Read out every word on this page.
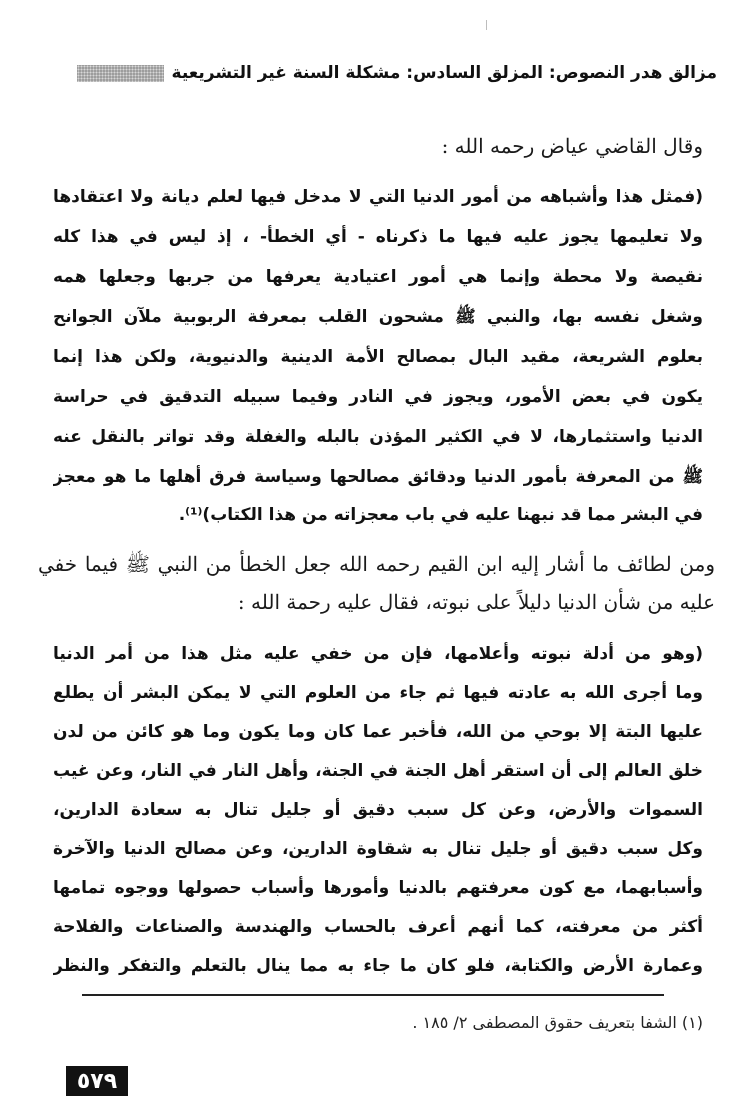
مزالق هدر النصوص: المزلق السادس: مشكلة السنة غير التشريعية
وقال القاضي عياض رحمه الله :
(فمثل هذا وأشباهه من أمور الدنيا التي لا مدخل فيها لعلم ديانة ولا اعتقادها
ولا تعليمها يجوز عليه فيها ما ذكرناه - أي الخطأ- ، إذ ليس في هذا كله
نقيصة ولا محطة وإنما هي أمور اعتيادية يعرفها من جربها وجعلها همه
وشغل نفسه بها، والنبي ﷺ مشحون القلب بمعرفة الربوبية ملآن الجوانح
بعلوم الشريعة، مقيد البال بمصالح الأمة الدينية والدنيوية، ولكن هذا إنما
يكون في بعض الأمور، ويجوز في النادر وفيما سبيله التدقيق في حراسة
الدنيا واستثمارها، لا في الكثير المؤذن بالبله والغفلة وقد تواتر بالنقل عنه
ﷺ من المعرفة بأمور الدنيا ودقائق مصالحها وسياسة فرق أهلها ما هو معجز
في البشر مما قد نبهنا عليه في باب معجزاته من هذا الكتاب)⁽¹⁾.
ومن لطائف ما أشار إليه ابن القيم رحمه الله جعل الخطأ من النبي ﷺ فيما خفي
عليه من شأن الدنيا دليلاً على نبوته، فقال عليه رحمة الله :
(وهو من أدلة نبوته وأعلامها، فإن من خفي عليه مثل هذا من أمر الدنيا
وما أجرى الله به عادته فيها ثم جاء من العلوم التي لا يمكن البشر أن يطلع
عليها البتة إلا بوحي من الله، فأخبر عما كان وما يكون وما هو كائن من لدن
خلق العالم إلى أن استقر أهل الجنة في الجنة، وأهل النار في النار، وعن غيب
السموات والأرض، وعن كل سبب دقيق أو جليل تنال به سعادة الدارين،
وكل سبب دقيق أو جليل تنال به شقاوة الدارين، وعن مصالح الدنيا والآخرة
وأسبابهما، مع كون معرفتهم بالدنيا وأمورها وأسباب حصولها ووجوه تمامها
أكثر من معرفته، كما أنهم أعرف بالحساب والهندسة والصناعات والفلاحة
وعمارة الأرض والكتابة، فلو كان ما جاء به مما ينال بالتعلم والتفكر والنظر
(١) الشفا بتعريف حقوق المصطفى ٢/ ١٨٥ .
٥٧٩
